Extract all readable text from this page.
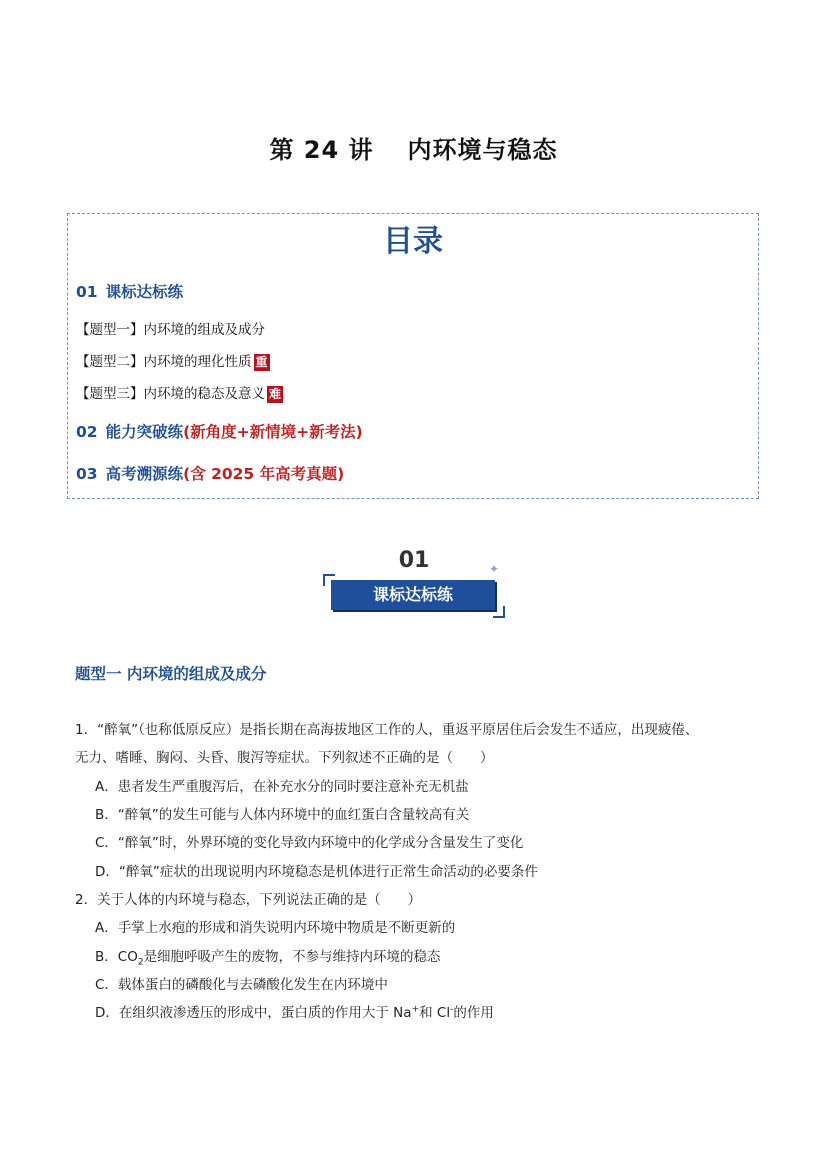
第 24 讲 内环境与稳态
目录
01 课标达标练
【题型一】内环境的组成及成分
【题型二】内环境的理化性质 重
【题型三】内环境的稳态及意义 难
02 能力突破练(新角度+新情境+新考法)
03 高考溯源练(含 2025 年高考真题)
01	✦
课标达标练
题型一 内环境的组成及成分
1．“醉氧”（也称低原反应）是指长期在高海拔地区工作的人，重返平原居住后会发生不适应，出现疲倦、
无力、嗜睡、胸闷、头昏、腹泻等症状。下列叙述不正确的是（　　）
A．患者发生严重腹泻后，在补充水分的同时要注意补充无机盐
B．“醉氧”的发生可能与人体内环境中的血红蛋白含量较高有关
C．“醉氧”时，外界环境的变化导致内环境中的化学成分含量发生了变化
D．“醉氧”症状的出现说明内环境稳态是机体进行正常生命活动的必要条件
2．关于人体的内环境与稳态，下列说法正确的是（　　）
A．手掌上水疱的形成和消失说明内环境中物质是不断更新的
B．$CO_2$是细胞呼吸产生的废物，不参与维持内环境的稳态
C．载体蛋白的磷酸化与去磷酸化发生在内环境中
D．在组织液渗透压的形成中，蛋白质的作用大于 Na+和 Cl-的作用
